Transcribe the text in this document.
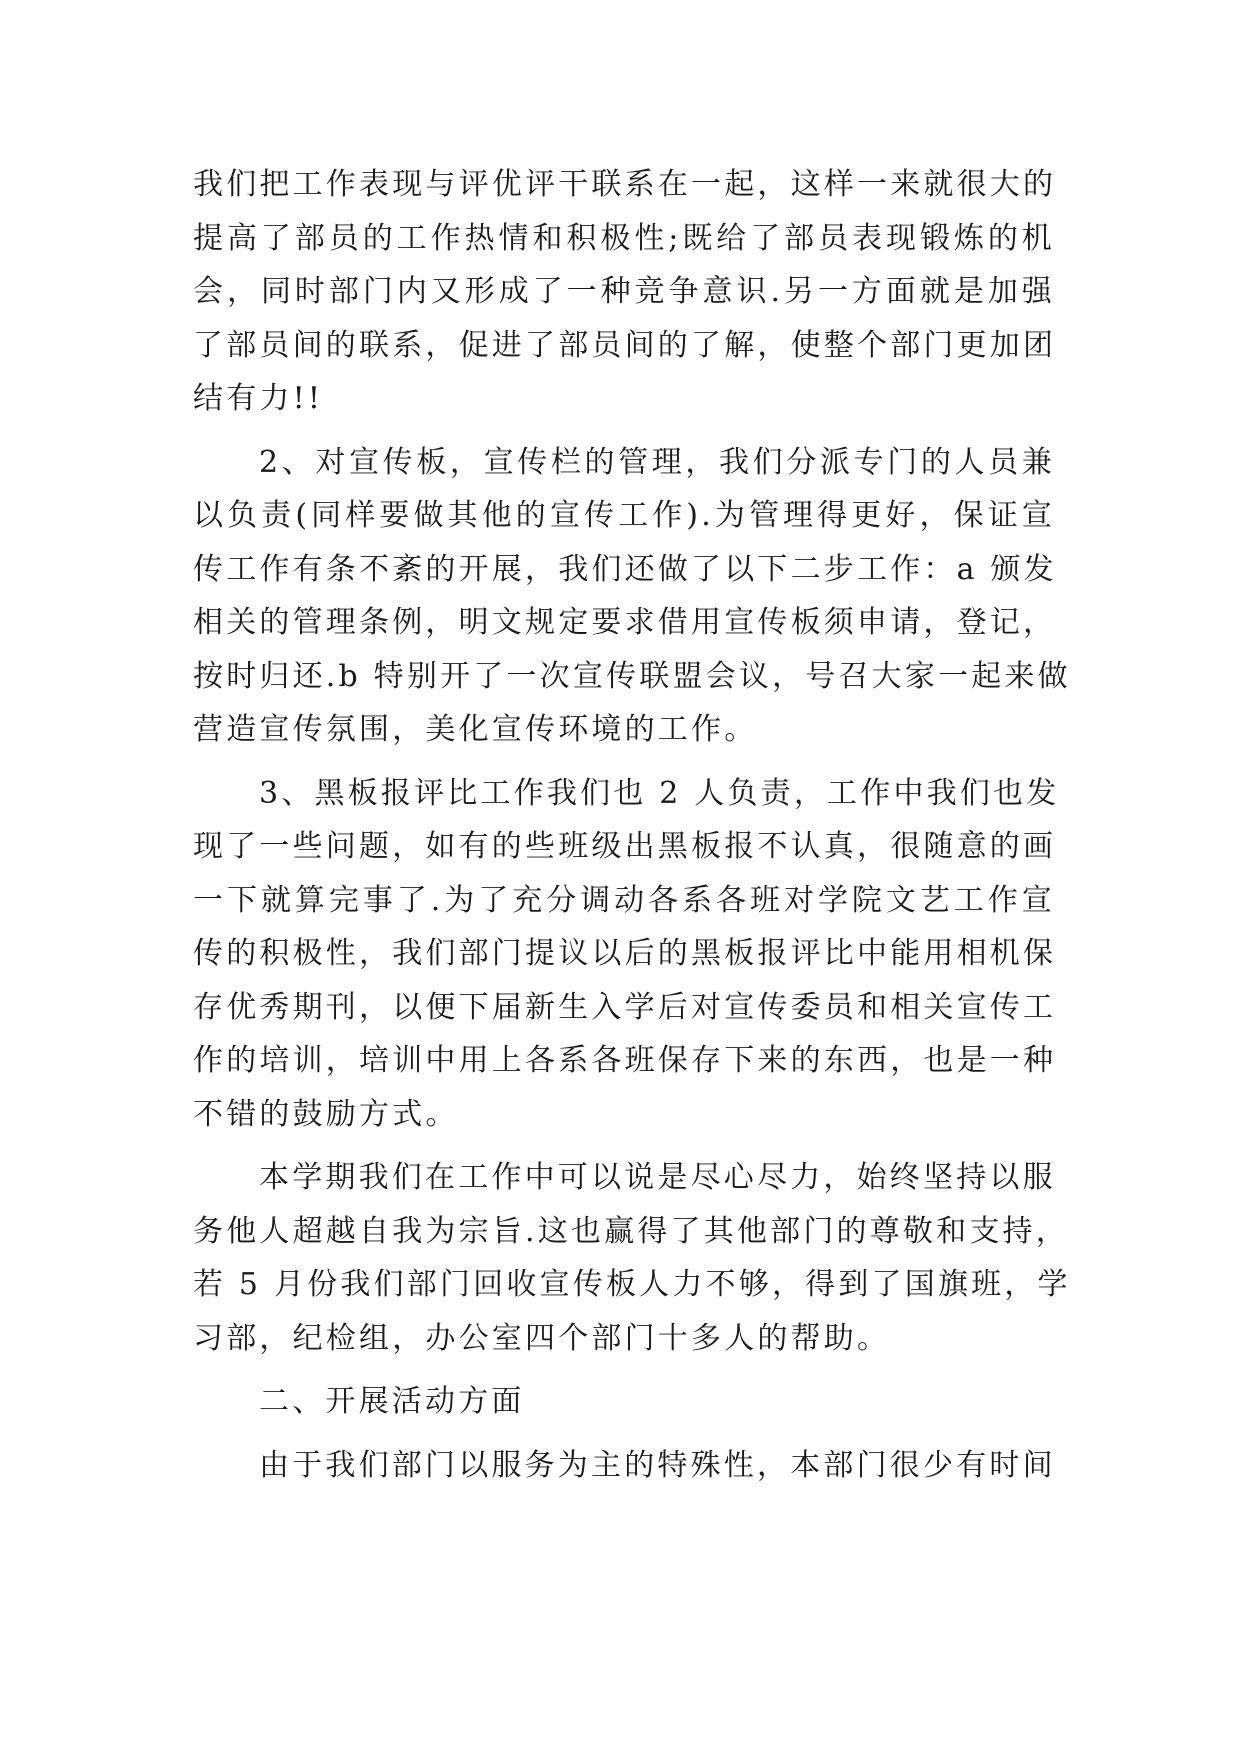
我们把工作表现与评优评干联系在一起，这样一来就很大的
提高了部员的工作热情和积极性;既给了部员表现锻炼的机
会，同时部门内又形成了一种竞争意识.另一方面就是加强
了部员间的联系，促进了部员间的了解，使整个部门更加团
结有力!!
2、对宣传板，宣传栏的管理，我们分派专门的人员兼
以负责(同样要做其他的宣传工作).为管理得更好，保证宣
传工作有条不紊的开展，我们还做了以下二步工作：a 颁发
相关的管理条例，明文规定要求借用宣传板须申请，登记，
按时归还.b 特别开了一次宣传联盟会议，号召大家一起来做
营造宣传氛围，美化宣传环境的工作。
3、黑板报评比工作我们也 2 人负责，工作中我们也发
现了一些问题，如有的些班级出黑板报不认真，很随意的画
一下就算完事了.为了充分调动各系各班对学院文艺工作宣
传的积极性，我们部门提议以后的黑板报评比中能用相机保
存优秀期刊，以便下届新生入学后对宣传委员和相关宣传工
作的培训，培训中用上各系各班保存下来的东西，也是一种
不错的鼓励方式。
本学期我们在工作中可以说是尽心尽力，始终坚持以服
务他人超越自我为宗旨.这也赢得了其他部门的尊敬和支持，
若 5 月份我们部门回收宣传板人力不够，得到了国旗班，学
习部，纪检组，办公室四个部门十多人的帮助。
二、开展活动方面
由于我们部门以服务为主的特殊性，本部门很少有时间
